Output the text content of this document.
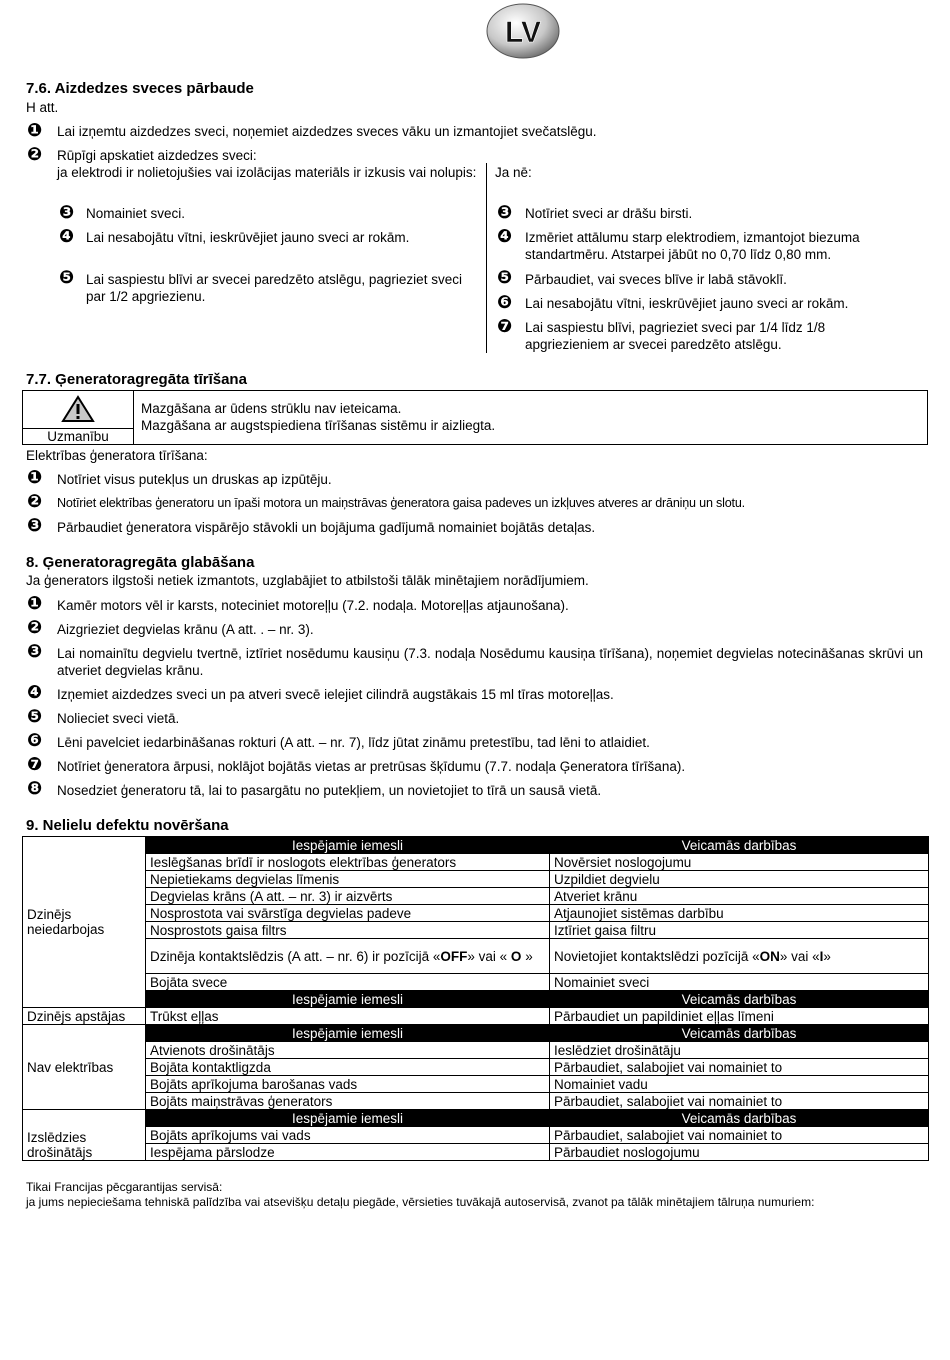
LV
7.6. Aizdedzes sveces pārbaude
H att.
❶ Lai izņemtu aizdedzes sveci, noņemiet aizdedzes sveces vāku un izmantojiet svečatslēgu.
❷ Rūpīgi apskatiet aizdedzes sveci:
ja elektrodi ir nolietojušies vai izolācijas materiāls ir izkusis vai nolupis:
❸ Nomainiet sveci.
❹ Lai nesabojātu vītni, ieskrūvējiet jauno sveci ar rokām.
❺ Lai saspiestu blīvi ar svecei paredzēto atslēgu, pagrieziet sveci par 1/2 apgriezienu.
Ja nē:
❸ Notīriet sveci ar drāšu birsti.
❹ Izmēriet attālumu starp elektrodiem, izmantojot biezuma standartmēru. Atstarpei jābūt no 0,70 līdz 0,80 mm.
❺ Pārbaudiet, vai sveces blīve ir labā stāvoklī.
❻ Lai nesabojātu vītni, ieskrūvējiet jauno sveci ar rokām.
❼ Lai saspiestu blīvi, pagrieziet sveci par 1/4 līdz 1/8 apgriezieniem ar svecei paredzēto atslēgu.
7.7. Ģeneratoragregāta tīrīšana
Uzmanību
Mazgāšana ar ūdens strūklu nav ieteicama.
Mazgāšana ar augstspiediena tīrīšanas sistēmu ir aizliegta.
Elektrības ģeneratora tīrīšana:
❶ Notīriet visus putekļus un druskas ap izpūtēju.
❷ Notīriet elektrības ģeneratoru un īpaši motora un maiņstrāvas ģeneratora gaisa padeves un izkļuves atveres ar drāniņu un slotu.
❸ Pārbaudiet ģeneratora vispārējo stāvokli un bojājuma gadījumā nomainiet bojātās detaļas.
8. Ģeneratoragregāta glabāšana
Ja ģenerators ilgstoši netiek izmantots, uzglabājiet to atbilstoši tālāk minētajiem norādījumiem.
❶ Kamēr motors vēl ir karsts, noteciniet motoreļļu (7.2. nodaļa. Motoreļļas atjaunošana).
❷ Aizgrieziet degvielas krānu (A att. . – nr. 3).
❸ Lai nomainītu degvielu tvertnē, iztīriet nosēdumu kausiņu (7.3. nodaļa Nosēdumu kausiņa tīrīšana), noņemiet degvielas notecināšanas skrūvi un atveriet degvielas krānu.
❹ Izņemiet aizdedzes sveci un pa atveri svecē ielejiet cilindrā augstākais 15 ml tīras motoreļļas.
❺ Nolieciet sveci vietā.
❻ Lēni pavelciet iedarbināšanas rokturi (A att. – nr. 7), līdz jūtat zināmu pretestību, tad lēni to atlaidiet.
❼ Notīriet ģeneratora ārpusi, noklājot bojātās vietas ar pretrūsas šķīdumu (7.7. nodaļa Ģeneratora tīrīšana).
❽ Nosedziet ģeneratoru tā, lai to pasargātu no putekļiem, un novietojiet to tīrā un sausā vietā.
9. Nelielu defektu novēršana
Dzinējs neiedarbojas	Iespējamie iemesli	Veicamās darbības
	Ieslēgšanas brīdī ir noslogots elektrības ģenerators	Novērsiet noslogojumu
	Nepietiekams degvielas līmenis	Uzpildiet degvielu
	Degvielas krāns (A att. – nr. 3) ir aizvērts	Atveriet krānu
	Nosprostota vai svārstīga degvielas padeve	Atjaunojiet sistēmas darbību
	Nosprostots gaisa filtrs	Iztīriet gaisa filtru
	Dzinēja kontaktslēdzis (A att. – nr. 6) ir pozīcijā «OFF» vai « O »	Novietojiet kontaktslēdzi pozīcijā «ON» vai «I»
	Bojāta svece	Nomainiet sveci
	Iespējamie iemesli	Veicamās darbības
Dzinējs apstājas	Trūkst eļļas	Pārbaudiet un papildiniet eļļas līmeni
Nav elektrības	Iespējamie iemesli	Veicamās darbības
	Atvienots drošinātājs	Ieslēdziet drošinātāju
	Bojāta kontaktligzda	Pārbaudiet, salabojiet vai nomainiet to
	Bojāts aprīkojuma barošanas vads	Nomainiet vadu
	Bojāts maiņstrāvas ģenerators	Pārbaudiet, salabojiet vai nomainiet to
Izslēdzies drošinātājs	Iespējamie iemesli	Veicamās darbības
	Bojāts aprīkojums vai vads	Pārbaudiet, salabojiet vai nomainiet to
	Iespējama pārslodze	Pārbaudiet noslogojumu
Tikai Francijas pēcgarantijas servisā:
ja jums nepieciešama tehniskā palīdzība vai atsevišķu detaļu piegāde, vērsieties tuvākajā autoservisā, zvanot pa tālāk minētajiem tālruņa numuriem:
